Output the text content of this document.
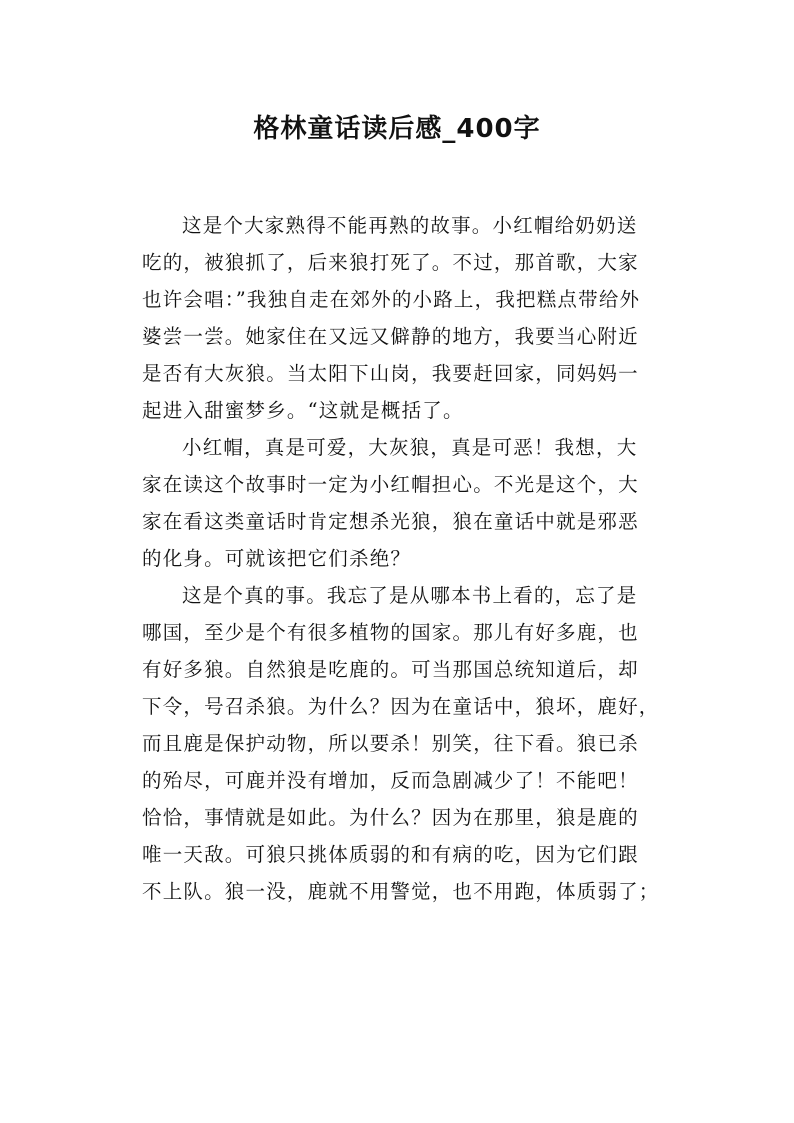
格林童话读后感_400字
这是个大家熟得不能再熟的故事。小红帽给奶奶送
吃的，被狼抓了，后来狼打死了。不过，那首歌，大家
也许会唱：”我独自走在郊外的小路上，我把糕点带给外
婆尝一尝。她家住在又远又僻静的地方，我要当心附近
是否有大灰狼。当太阳下山岗，我要赶回家，同妈妈一
起进入甜蜜梦乡。“这就是概括了。
小红帽，真是可爱，大灰狼，真是可恶！我想，大
家在读这个故事时一定为小红帽担心。不光是这个，大
家在看这类童话时肯定想杀光狼，狼在童话中就是邪恶
的化身。可就该把它们杀绝？
这是个真的事。我忘了是从哪本书上看的，忘了是
哪国，至少是个有很多植物的国家。那儿有好多鹿，也
有好多狼。自然狼是吃鹿的。可当那国总统知道后，却
下令，号召杀狼。为什么？因为在童话中，狼坏，鹿好，
而且鹿是保护动物，所以要杀！别笑，往下看。狼已杀
的殆尽，可鹿并没有增加，反而急剧减少了！不能吧！
恰恰，事情就是如此。为什么？因为在那里，狼是鹿的
唯一天敌。可狼只挑体质弱的和有病的吃，因为它们跟
不上队。狼一没，鹿就不用警觉，也不用跑，体质弱了；
